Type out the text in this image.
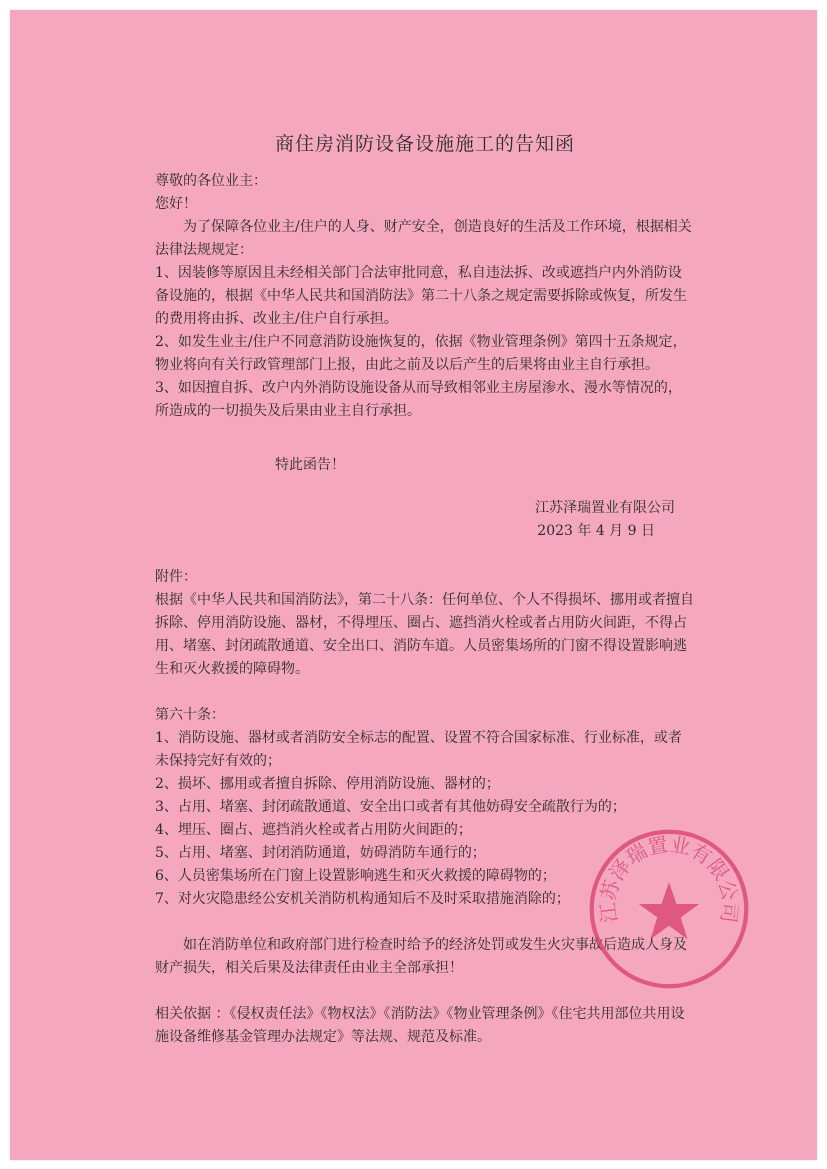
商住房消防设备设施施工的告知函

尊敬的各位业主：

您好！

为了保障各位业主/住户的人身、财产安全，创造良好的生活及工作环境，根据相关法律法规规定：

1、因装修等原因且未经相关部门合法审批同意，私自违法拆、改或遮挡户内外消防设备设施的，根据《中华人民共和国消防法》第二十八条之规定需要拆除或恢复，所发生的费用将由拆、改业主/住户自行承担。

2、如发生业主/住户不同意消防设施恢复的，依据《物业管理条例》第四十五条规定，物业将向有关行政管理部门上报，由此之前及以后产生的后果将由业主自行承担。

3、如因擅自拆、改户内外消防设施设备从而导致相邻业主房屋渗水、漫水等情况的，所造成的一切损失及后果由业主自行承担。

特此函告！

江苏泽瑞置业有限公司

2023 年 4 月 9 日

附件：

根据《中华人民共和国消防法》，第二十八条：任何单位、个人不得损坏、挪用或者擅自拆除、停用消防设施、器材，不得埋压、圈占、遮挡消火栓或者占用防火间距，不得占用、堵塞、封闭疏散通道、安全出口、消防车道。人员密集场所的门窗不得设置影响逃生和灭火救援的障碍物。

第六十条：

1、消防设施、器材或者消防安全标志的配置、设置不符合国家标准、行业标准，或者未保持完好有效的；

2、损坏、挪用或者擅自拆除、停用消防设施、器材的；

3、占用、堵塞、封闭疏散通道、安全出口或者有其他妨碍安全疏散行为的；

4、埋压、圈占、遮挡消火栓或者占用防火间距的；

5、占用、堵塞、封闭消防通道，妨碍消防车通行的；

6、人员密集场所在门窗上设置影响逃生和灭火救援的障碍物的；

7、对火灾隐患经公安机关消防机构通知后不及时采取措施消除的；

如在消防单位和政府部门进行检查时给予的经济处罚或发生火灾事故后造成人身及财产损失，相关后果及法律责任由业主全部承担！

相关依据 ：《侵权责任法》《物权法》《消防法》《物业管理条例》《住宅共用部位共用设施设备维修基金管理办法规定》等法规、规范及标准。

江苏泽瑞置业有限公司
